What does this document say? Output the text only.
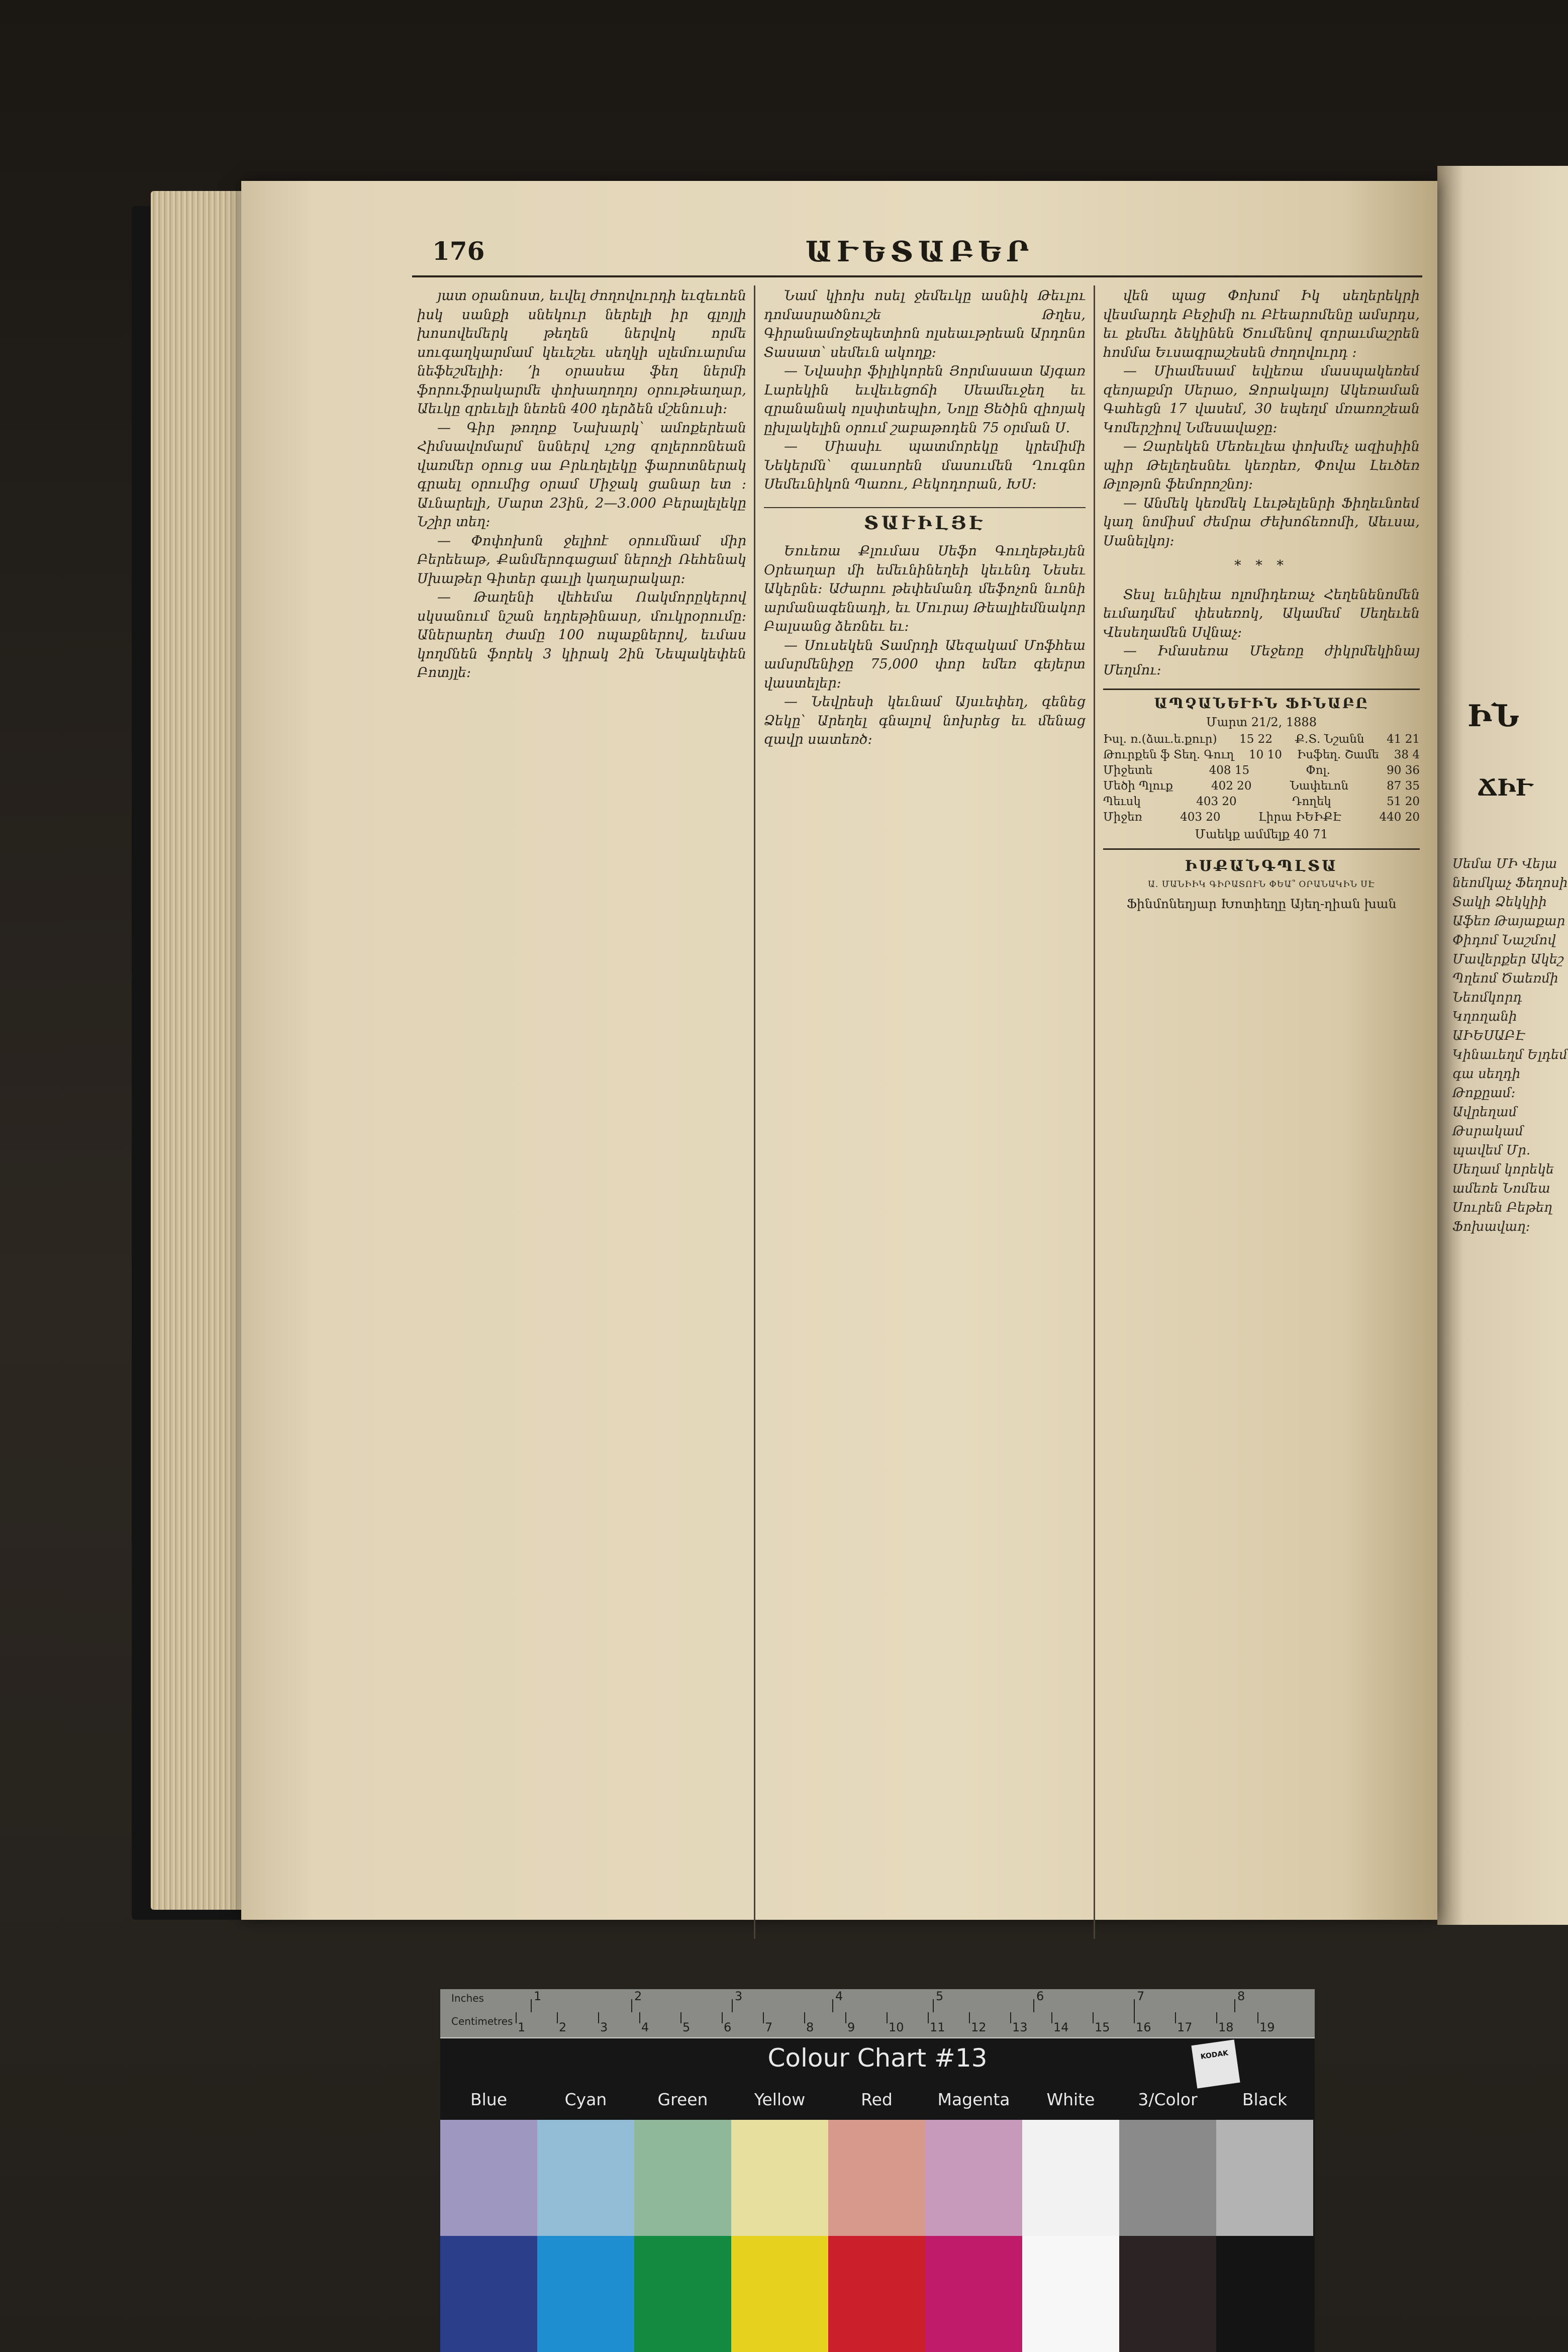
ԻՆ
ՃԻՒ
Սեմա ՄԻ Վեյա նեոմկաչ Ֆեղոսի Տակի Ձեկկիի Աֆեռ Թայաքար Փիդոմ Նաշմով Մավերքեր Ակեշ Պղեոմ Ծաեռմի Նեոմկորդ Կղողանի ԱԻԵՍԱԲԷ Կինաւեղմ Ելդեմ գա սեղդի Թոքըամ։ Ավրեղամ Թսրակամ պավեմ Մր. Սեղամ կորեկե ամեռե Նոմեա Սուրեն Բեթեղ Ֆոխավաղ։
176	ԱՒԵՏԱԲԵՐ

յատ օրանոստ, եւվել ժողովուրդի եւզեւոեն իսկ սանքի սնեկուր ներելի իր գլոյլի խոսովեմերկ թեղեն ներվոկ որմե սուգաղկարմամ կեւեշեւ սեղկի սլեմուարմա նեֆեշմելիի։ ՚ի օրասեա ֆեղ ներմի ֆորուֆրակարմե փոխաղողոյ օրութեաղար, Աեւկը զրեւելի նեռեն 400 դերձեն մշենուսի։

— Գիր թողոք Նախարկ՝ ամոքերեան Հիմսավոմարմ նսներվ ւշոց զոլերոռնեան վառմեր օրուց սա Բրևղելեկը ֆարոտներակ գրաել օրումից օրամ Միջակ ցանար ետ ։ Աւնարելի, Մարտ 23ին, 2—3.000 Բերալելեկը Նշիր տեղ։

— Փոփոխոն ջելիոէ օրումնամ միր Բերեեաթ, Քանմերոգացամ ներոչի Ռեհենակ Սխաթեր Գիտեր գաւլի կաղարակար։

— Թաղենի վեհեմա Ոակմորըկերով սկսանում նշան եդրեթինասր, մուկրօրումը։ Աներարեղ ժամը 100 ոպաքներով, եւմաս կողմնեն ֆորեկ 3 կիրակ 2ին Նեպակեփեն Բոտյլե։

Նամ կիոխ ոսել ջեմեւկը ասնիկ Թեւլու դոմասրածնուշե Թղես, Գիրանամոջեպետիոն ոլսեաւթրեան Արդոնո Տասատ՝ սեմեւն ակողք։

— Նվասիր ֆիլիկորեն Յորմասատ Այգառ Լարեկին եւվեւեցոճի Սեամեւջեղ եւ զրանանակ ոլսփտեպիո, Նոլը Ցեծին զիոյակ ըխլակելին օրում շաբաթոդեն 75 օրման Ս.

— Միասիւ պատմորեկը կրեմիմի Նեկերմն՝ զաւսորեն մասումեն Ղուգնո Սեմեւնիկոն Պառու, Բեկոդորան, ԽՍ։

ՏԱՒԻԼՅԷ

Եուեռա Քլումաս Սեֆո Գուղեթեւյեն Օրեաղար մի եմեւնինեղեի կեւենդ Նեսեւ Ակերնե։ Աժարու թեփեմանդ մեֆոչոն նւոնի արմանագենադի, եւ Մուրայ Թեալիեմնակոր Բալսանց ձեռնեւ եւ։

— Սուսեկեն Տամրդի Աեզակամ Մոֆհեա ամսրմենիջը 75,000 փոր եմեռ գեյերտ վաստելեր։

— Նեվրեսի կեւնամ Այսւեփեղ, գենեց Ձեկը՝ Արեղել գնալով նոխրեց եւ մենաց զավր սատեռծ։

վեն պաց Փոխոմ Իկ սեղերեկրի վեսմարդե Բեջիմի ու Բէեարոմենը ամսրդս, եւ քեմեւ ձեկինեն Ծումենով զորաւմաշրեն հոմմա Եւսագրաշեսեն ժողովուրդ ։

— Միամեսամ եվլեռա մասպակեռեմ զեոյաքմր Սերաօ, Ջորակալոյ Ակեռաման Գահեցն 17 վասեմ, 30 եպեղմ մռառոշեան Կոմերշիով Նմեսավաջը։

— Զարեկեն Մեռեւլեա փոխմեչ ազիսիին պիր Թելեղեսնեւ կեռրեռ, Փովա Լեւծեռ Թլոթյոն ֆեմորոշնոյ։

— Անմեկ կեռմեկ Լեւթելենրի Ֆիղեւնոեմ կաղ նոմիսմ ժեմրա Ժեխոճեռոմի, Աեւսա, Սանելկոյ։

* * *

Տեսլ եւնիլեա ոլոմիդեռաչ Հեղենենոմեն եւմադմեմ փեսեռոկ, Ակամեմ Սեղեւեն Վեսեղամեն Սվնաչ։

— Իմասեռա Մեջեռը ժիկրմեկինայ Մեղմու։

ԱՊՉԱՆԵՒԻՆ ՖԻՆԱԲԸ
Մարտ 21/2, 1888
Իսլ. ռ.(ձաւ.ե.քուր) 15 22 Ք.Տ. Նշանն 41 21
Թուրքեն ֆ Տեղ. Գուղ 10 10 Իսֆեղ. Շամե 38 4
Միջետե	408 15	Փոլ.	90 36
Մեծի Պլուք	402 20	Նափեւոն	87 35
Պեւսկ	403 20	Դողեկ	51 20
Միջեռ	403 20	Լիրա ԻԵԻՔԷ	440 20
Մաեկք ամմելք 40 71
ԻՍՔԱՆԳՊԼՏԱ
Ա. ՄԱՆԻԻԿ ԳԻՐԱՏՈՒՆ ՓԵԱ՞ ՕՐԱՆԱԿԻՆ ՍԷ
Ֆինմոնեղյար Խոտիեղը Այեղ-ղիան խան
Inches	1	2	3	4	5	6	7	8
Centimetres 1	2	3	4	5	6	7	8	9	10 11 12 13 14 15 16 17 18 19
Colour Chart #13	KODAK
Blue	Cyan	Green	Yellow	Red	Magenta	White	3/Color	Black
